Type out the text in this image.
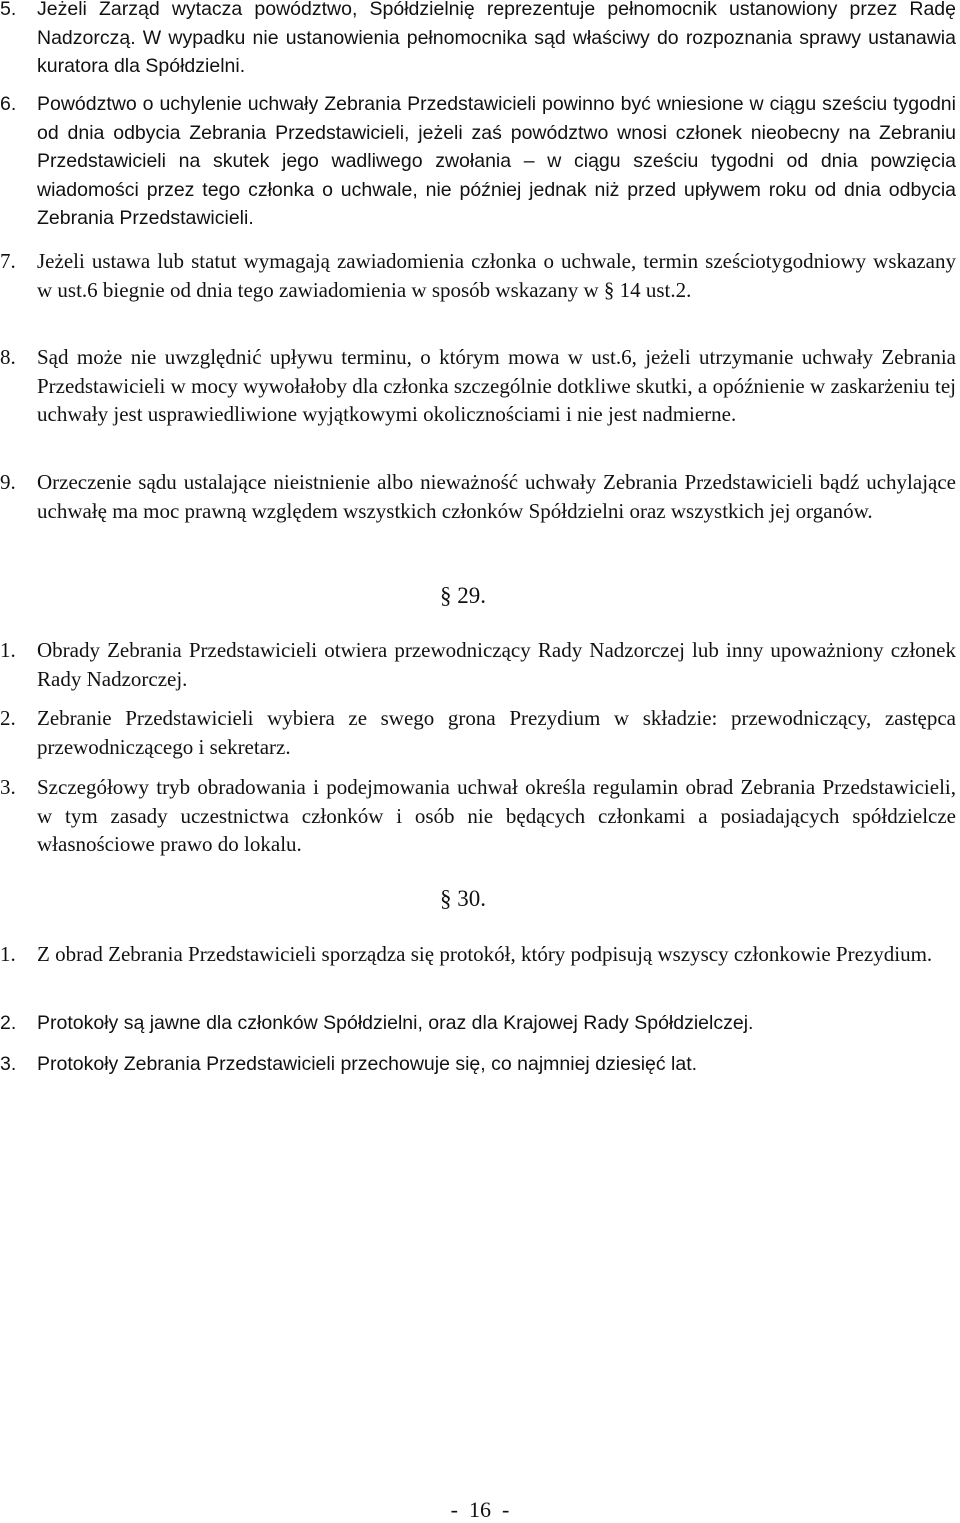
5.	Jeżeli Zarząd wytacza powództwo, Spółdzielnię reprezentuje pełnomocnik ustanowiony przez Radę Nadzorczą. W wypadku nie ustanowienia pełnomocnika sąd właściwy do rozpoznania sprawy ustanawia kuratora dla Spółdzielni.

6.	Powództwo o uchylenie uchwały Zebrania Przedstawicieli powinno być wniesione w ciągu sześciu tygodni od dnia odbycia Zebrania Przedstawicieli, jeżeli zaś powództwo wnosi członek nieobecny na Zebraniu Przedstawicieli na skutek jego wadliwego zwołania – w ciągu sześciu tygodni od dnia powzięcia wiadomości przez tego członka o uchwale, nie później jednak niż przed upływem roku od dnia odbycia Zebrania Przedstawicieli.

7.	Jeżeli ustawa lub statut wymagają zawiadomienia członka o uchwale, termin sześciotygodniowy wskazany w ust.6 biegnie od dnia tego zawiadomienia w sposób wskazany w § 14 ust.2.

8.	Sąd może nie uwzględnić upływu terminu, o którym mowa w ust.6, jeżeli utrzymanie uchwały Zebrania Przedstawicieli w mocy wywołałoby dla członka szczególnie dotkliwe skutki, a opóźnienie w zaskarżeniu tej uchwały jest usprawiedliwione wyjątkowymi okolicznościami i nie jest nadmierne.

9.	Orzeczenie sądu ustalające nieistnienie albo nieważność uchwały Zebrania Przedstawicieli bądź uchylające uchwałę ma moc prawną względem wszystkich członków Spółdzielni oraz wszystkich jej organów.

§ 29.

1.	Obrady Zebrania Przedstawicieli otwiera przewodniczący Rady Nadzorczej lub inny upoważniony członek Rady Nadzorczej.

2.	Zebranie Przedstawicieli wybiera ze swego grona Prezydium w składzie: przewodniczący, zastępca przewodniczącego i sekretarz.

3.	Szczegółowy tryb obradowania i podejmowania uchwał określa regulamin obrad Zebrania Przedstawicieli, w tym zasady uczestnictwa członków i osób nie będących członkami a posiadających spółdzielcze własnościowe prawo do lokalu.

§ 30.

1.	Z obrad Zebrania Przedstawicieli sporządza się protokół, który podpisują wszyscy członkowie Prezydium.

2.	Protokoły są jawne dla członków Spółdzielni, oraz dla Krajowej Rady Spółdzielczej.

3.	Protokoły Zebrania Przedstawicieli przechowuje się, co najmniej dziesięć lat.

-  16  -
